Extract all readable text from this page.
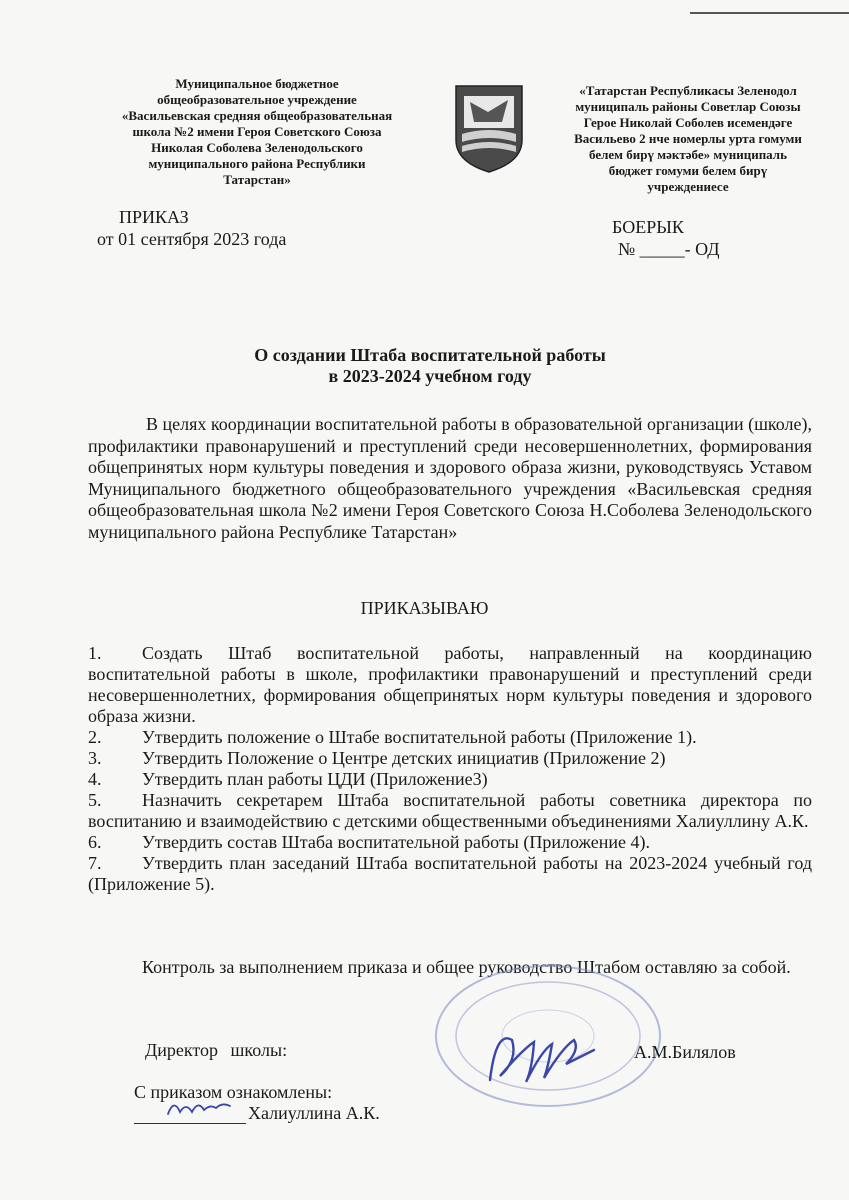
Муниципальное бюджетное
общеобразовательное учреждение
«Васильевская средняя общеобразовательная
школа №2 имени Героя Советского Союза
Николая Соболева Зеленодольского
муниципального района Республики
Татарстан»
«Татарстан Республикасы Зеленодол
муниципаль районы Советлар Союзы
Герое Николай Соболев исемендәге
Васильево 2 нче номерлы урта гомуми
белем бирү мәктәбе» муниципаль
бюджет гомуми белем бирү
учреждениесе
ПРИКАЗ
от 01 сентября 2023 года
БОЕРЫК
№ _____- ОД
О создании Штаба воспитательной работы
в 2023-2024 учебном году

В целях координации воспитательной работы в образовательной организации (школе), профилактики правонарушений и преступлений среди несовершеннолетних, формирования общепринятых норм культуры поведения и здорового образа жизни, руководствуясь Уставом Муниципального бюджетного общеобразовательного учреждения «Васильевская средняя общеобразовательная школа №2 имени Героя Советского Союза Н.Соболева Зеленодольского муниципального района Республике Татарстан»

ПРИКАЗЫВАЮ
1. Создать Штаб воспитательной работы, направленный на координацию воспитательной работы в школе, профилактики правонарушений и преступлений среди несовершеннолетних, формирования общепринятых норм культуры поведения и здорового образа жизни.
2. Утвердить положение о Штабе воспитательной работы (Приложение 1).
3. Утвердить Положение о Центре детских инициатив (Приложение 2)
4. Утвердить план работы ЦДИ (Приложение3)
5. Назначить секретарем Штаба воспитательной работы советника директора по воспитанию и взаимодействию с детскими общественными объединениями Халиуллину А.К.
6. Утвердить состав Штаба воспитательной работы (Приложение 4).
7. Утвердить план заседаний Штаба воспитательной работы на 2023-2024 учебный год (Приложение 5).

Контроль за выполнением приказа и общее руководство Штабом оставляю за собой.

Директор школы:	А.М.Билялов
С приказом ознакомлены:
Халиуллина А.К.
